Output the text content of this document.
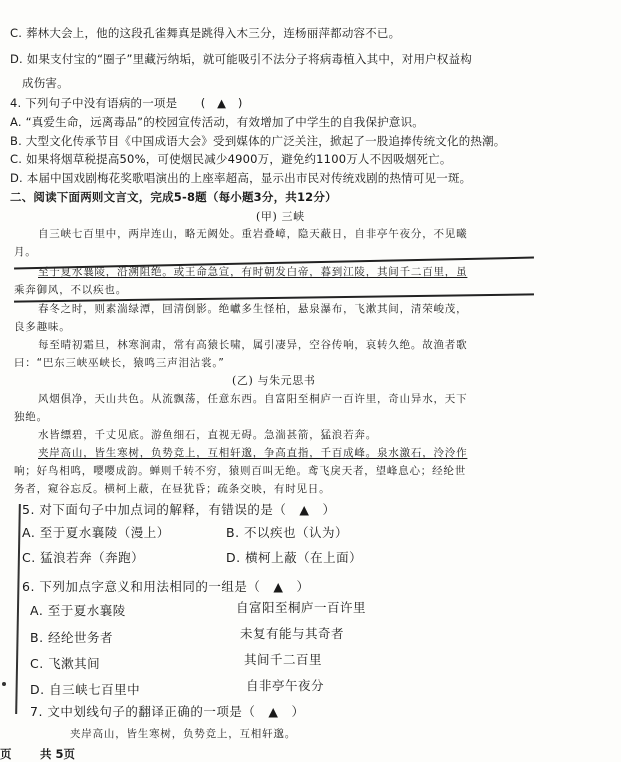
C. 葬林大会上，他的这段孔雀舞真是跳得入木三分，连杨丽萍都动容不已。
D. 如果支付宝的“圈子”里藏污纳垢，就可能吸引不法分子将病毒植入其中，对用户权益构
成伤害。
4. 下列句子中没有语病的一项是　　(　▲　)
A. “真爱生命，远离毒品”的校园宣传活动，有效增加了中学生的自我保护意识。
B. 大型文化传承节目《中国成语大会》受到媒体的广泛关注，掀起了一股追捧传统文化的热潮。
C. 如果将烟草税提高50%，可使烟民减少4900万，避免约1100万人不因吸烟死亡。
D. 本届中国戏剧梅花奖歌唱演出的上座率超高，显示出市民对传统戏剧的热情可见一斑。
二、阅读下面两则文言文，完成5-8题（每小题3分，共12分）
(甲) 三峡
自三峡七百里中，两岸连山，略无阙处。重岩叠嶂，隐天蔽日，自非亭午夜分，不见曦
月。
至于夏水襄陵，沿溯阻绝。或王命急宣，有时朝发白帝，暮到江陵，其间千二百里，虽
乘奔御风，不以疾也。
春冬之时，则素湍绿潭，回清倒影。绝巘多生怪柏，悬泉瀑布，飞漱其间，清荣峻茂，
良多趣味。
每至晴初霜旦，林寒涧肃，常有高猿长啸，属引凄异，空谷传响，哀转久绝。故渔者歌
曰：“巴东三峡巫峡长，猿鸣三声泪沾裳。”
(乙) 与朱元思书
风烟俱净，天山共色。从流飘荡，任意东西。自富阳至桐庐一百许里，奇山异水，天下
独绝。
水皆缥碧，千丈见底。游鱼细石，直视无碍。急湍甚箭，猛浪若奔。
夹岸高山，皆生寒树，负势竞上，互相轩邈，争高直指，千百成峰。泉水激石，泠泠作
响；好鸟相鸣，嘤嘤成韵。蝉则千转不穷，猿则百叫无绝。鸢飞戾天者，望峰息心；经纶世
务者，窥谷忘反。横柯上蔽，在昼犹昏；疏条交映，有时见日。
5. 对下面句子中加点词的解释，有错误的是（　▲　）
A. 至于夏水襄陵（漫上）	B. 不以疾也（认为）
C. 猛浪若奔（奔跑）	D. 横柯上蔽（在上面）
6. 下列加点字意义和用法相同的一组是（　▲　）
A. 至于夏水襄陵	自富阳至桐庐一百许里
B. 经纶世务者	未复有能与其奇者
C. 飞漱其间	其间千二百里
D. 自三峡七百里中	自非亭午夜分
7. 文中划线句子的翻译正确的一项是（　▲　）
夹岸高山，皆生寒树，负势竞上，互相轩邈。
页 共 5页
